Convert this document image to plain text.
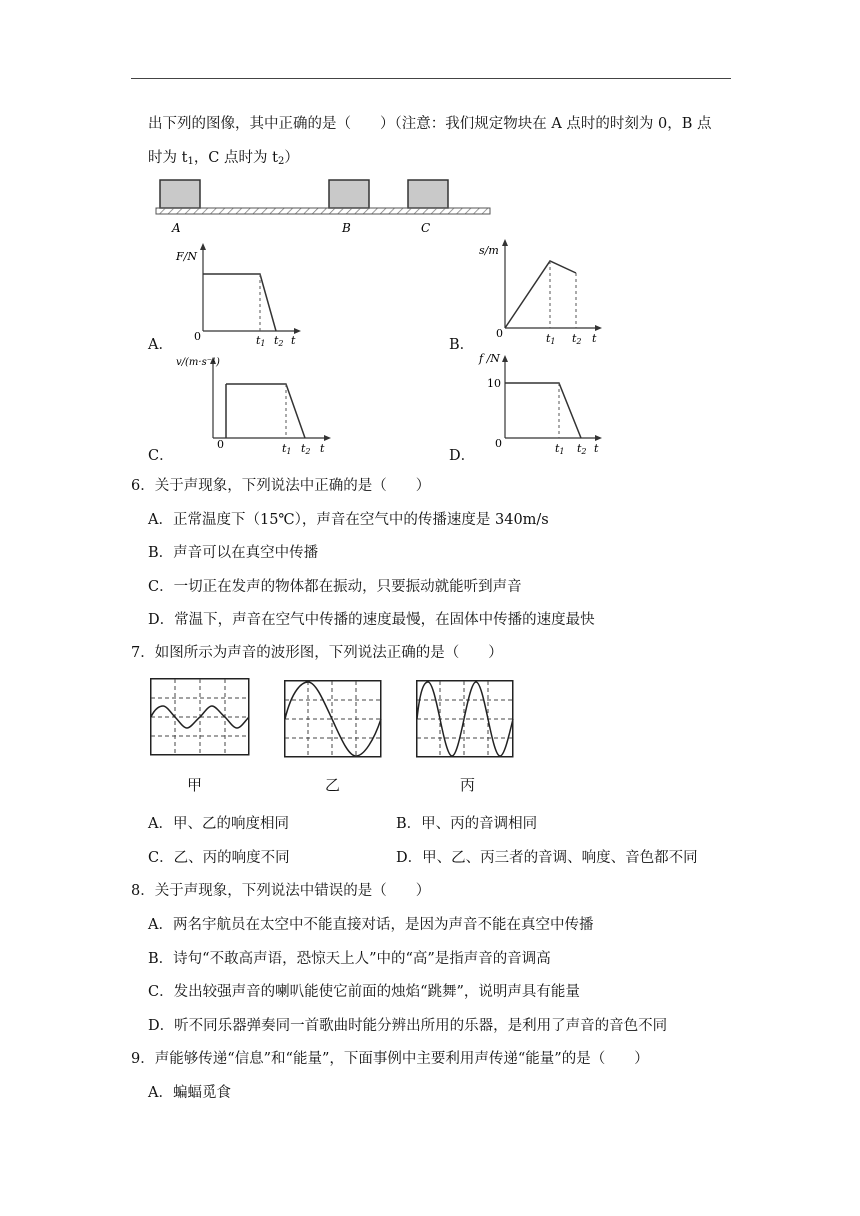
出下列的图像，其中正确的是（　　）（注意：我们规定物块在 A 点时的时刻为 0，B 点
时为 $t_1$，C 点时为 $t_2$）
A	B	C
A．
F/N
0	t1 t2 t	B．
s/m
0	t1 t2 t
C．
v/(m·s⁻¹)
0	t1 t2 t	D．
f /N
10
0	t1 t2 t
6．关于声现象，下列说法中正确的是（　　）
A．正常温度下（15℃），声音在空气中的传播速度是 340m/s
B．声音可以在真空中传播
C．一切正在发声的物体都在振动，只要振动就能听到声音
D．常温下，声音在空气中传播的速度最慢，在固体中传播的速度最快
7．如图所示为声音的波形图，下列说法正确的是（　　）
甲	乙	丙
A．甲、乙的响度相同	B．甲、丙的音调相同
C．乙、丙的响度不同	D．甲、乙、丙三者的音调、响度、音色都不同
8．关于声现象，下列说法中错误的是（　　）
A．两名宇航员在太空中不能直接对话，是因为声音不能在真空中传播
B．诗句“不敢高声语，恐惊天上人”中的“高”是指声音的音调高
C．发出较强声音的喇叭能使它前面的烛焰“跳舞”，说明声具有能量
D．听不同乐器弹奏同一首歌曲时能分辨出所用的乐器，是利用了声音的音色不同
9．声能够传递“信息”和“能量”，下面事例中主要利用声传递“能量”的是（　　）
A．蝙蝠觅食
